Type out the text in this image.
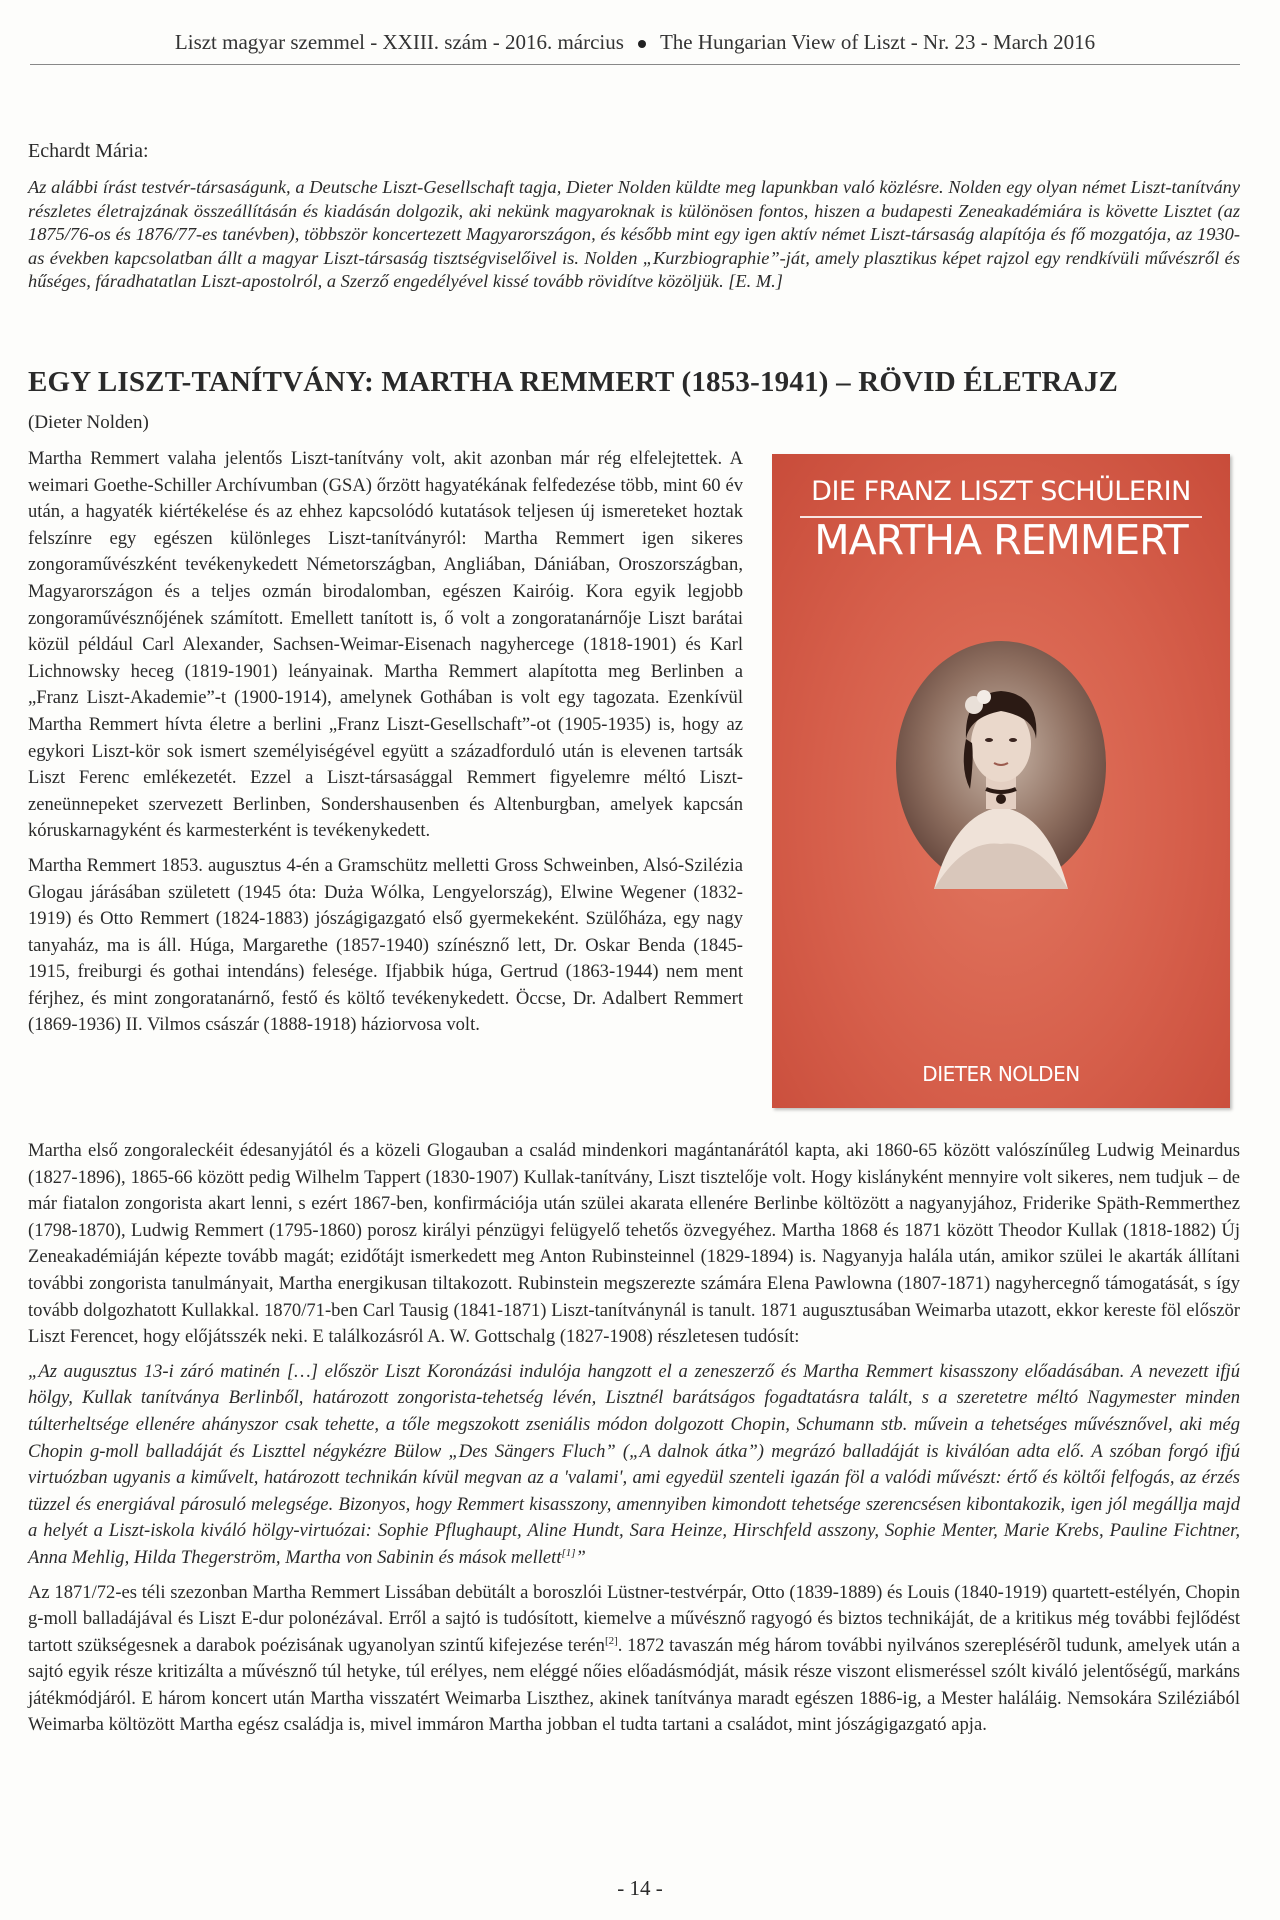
Liszt magyar szemmel - XXIII. szám - 2016. március The Hungarian View of Liszt - Nr. 23 - March 2016
Echardt Mária:
Az alábbi írást testvér-társaságunk, a Deutsche Liszt-Gesellschaft tagja, Dieter Nolden küldte meg lapunkban való közlésre. Nolden egy olyan német Liszt-tanítvány részletes életrajzának összeállításán és kiadásán dolgozik, aki nekünk magyaroknak is különösen fontos, hiszen a budapesti Zeneakadémiára is követte Lisztet (az 1875/76-os és 1876/77-es tanévben), többször koncertezett Magyarországon, és később mint egy igen aktív német Liszt-társaság alapítója és fő mozgatója, az 1930-as években kapcsolatban állt a magyar Liszt-társaság tisztségviselőivel is. Nolden „Kurzbiographie”-ját, amely plasztikus képet rajzol egy rendkívüli művészről és hűséges, fáradhatatlan Liszt-apostolról, a Szerző engedélyével kissé tovább rövidítve közöljük. [E. M.]
EGY LISZT-TANÍTVÁNY: MARTHA REMMERT (1853-1941) – RÖVID ÉLETRAJZ
(Dieter Nolden)

Martha Remmert valaha jelentős Liszt-tanítvány volt, akit azonban már rég elfelejtettek. A weimari Goethe-Schiller Archívumban (GSA) őrzött hagyatékának felfedezése több, mint 60 év után, a hagyaték kiértékelése és az ehhez kapcsolódó kutatások teljesen új ismereteket hoztak felszínre egy egészen különleges Liszt-tanítványról: Martha Remmert igen sikeres zongoraművészként tevékenykedett Németországban, Angliában, Dániában, Oroszországban, Magyarországon és a teljes ozmán birodalomban, egészen Kairóig. Kora egyik legjobb zongoraművésznőjének számított. Emellett tanított is, ő volt a zongoratanárnője Liszt barátai közül például Carl Alexander, Sachsen-Weimar-Eisenach nagyhercege (1818-1901) és Karl Lichnowsky heceg (1819-1901) leányainak. Martha Remmert alapította meg Berlinben a „Franz Liszt-Akademie”-t (1900-1914), amelynek Gothában is volt egy tagozata. Ezenkívül Martha Remmert hívta életre a berlini „Franz Liszt-Gesellschaft”-ot (1905-1935) is, hogy az egykori Liszt-kör sok ismert személyiségével együtt a századforduló után is elevenen tartsák Liszt Ferenc emlékezetét. Ezzel a Liszt-társasággal Remmert figyelemre méltó Liszt-zeneünnepeket szervezett Berlinben, Sondershausenben és Altenburgban, amelyek kapcsán kóruskarnagyként és karmesterként is tevékenykedett.

Martha Remmert 1853. augusztus 4-én a Gramschütz melletti Gross Schweinben, Alsó-Szilézia Glogau járásában született (1945 óta: Duża Wólka, Lengyelország), Elwine Wegener (1832-1919) és Otto Remmert (1824-1883) jószágigazgató első gyermekeként. Szülőháza, egy nagy tanyaház, ma is áll. Húga, Margarethe (1857-1940) színésznő lett, Dr. Oskar Benda (1845-1915, freiburgi és gothai intendáns) felesége. Ifjabbik húga, Gertrud (1863-1944) nem ment férjhez, és mint zongoratanárnő, festő és költő tevékenykedett. Öccse, Dr. Adalbert Remmert (1869-1936) II. Vilmos császár (1888-1918) háziorvosa volt.

DIE FRANZ LISZT SCHÜLERIN
MARTHA REMMERT
DIETER NOLDEN

Martha első zongoraleckéit édesanyjától és a közeli Glogauban a család mindenkori magántanárától kapta, aki 1860-65 között valószínűleg Ludwig Meinardus (1827-1896), 1865-66 között pedig Wilhelm Tappert (1830-1907) Kullak-tanítvány, Liszt tisztelője volt. Hogy kislányként mennyire volt sikeres, nem tudjuk – de már fiatalon zongorista akart lenni, s ezért 1867-ben, konfirmációja után szülei akarata ellenére Berlinbe költözött a nagyanyjához, Friderike Späth-Remmerthez (1798-1870), Ludwig Remmert (1795-1860) porosz királyi pénzügyi felügyelő tehetős özvegyéhez. Martha 1868 és 1871 között Theodor Kullak (1818-1882) Új Zeneakadémiáján képezte tovább magát; ezidőtájt ismerkedett meg Anton Rubinsteinnel (1829-1894) is. Nagyanyja halála után, amikor szülei le akarták állítani további zongorista tanulmányait, Martha energikusan tiltakozott. Rubinstein megszerezte számára Elena Pawlowna (1807-1871) nagyhercegnő támogatását, s így tovább dolgozhatott Kullakkal. 1870/71-ben Carl Tausig (1841-1871) Liszt-tanítványnál is tanult. 1871 augusztusában Weimarba utazott, ekkor kereste föl először Liszt Ferencet, hogy előjátsszék neki. E találkozásról A. W. Gottschalg (1827-1908) részletesen tudósít:

„Az augusztus 13-i záró matinén […] először Liszt Koronázási indulója hangzott el a zeneszerző és Martha Remmert kisasszony előadásában. A nevezett ifjú hölgy, Kullak tanítványa Berlinből, határozott zongorista-tehetség lévén, Lisztnél barátságos fogadtatásra talált, s a szeretetre méltó Nagymester minden túlterheltsége ellenére ahányszor csak tehette, a tőle megszokott zseniális módon dolgozott Chopin, Schumann stb. művein a tehetséges művésznővel, aki még Chopin g-moll balladáját és Liszttel négykézre Bülow „Des Sängers Fluch” („A dalnok átka”) megrázó balladáját is kiválóan adta elő. A szóban forgó ifjú virtuózban ugyanis a kiművelt, határozott technikán kívül megvan az a 'valami', ami egyedül szenteli igazán föl a valódi művészt: értő és költői felfogás, az érzés tüzzel és energiával párosuló melegsége. Bizonyos, hogy Remmert kisasszony, amennyiben kimondott tehetsége szerencsésen kibontakozik, igen jól megállja majd a helyét a Liszt-iskola kiváló hölgy-virtuózai: Sophie Pflughaupt, Aline Hundt, Sara Heinze, Hirschfeld asszony, Sophie Menter, Marie Krebs, Pauline Fichtner, Anna Mehlig, Hilda Thegerström, Martha von Sabinin és mások mellett[1]”

Az 1871/72-es téli szezonban Martha Remmert Lissában debütált a boroszlói Lüstner-testvérpár, Otto (1839-1889) és Louis (1840-1919) quartett-estélyén, Chopin g-moll balladájával és Liszt E-dur polonézával. Erről a sajtó is tudósított, kiemelve a művésznő ragyogó és biztos technikáját, de a kritikus még további fejlődést tartott szükségesnek a darabok poézisának ugyanolyan szintű kifejezése terén[2]. 1872 tavaszán még három további nyilvános szereplésérõl tudunk, amelyek után a sajtó egyik része kritizálta a művésznő túl hetyke, túl erélyes, nem eléggé nőies előadásmódját, másik része viszont elismeréssel szólt kiváló jelentőségű, markáns játékmódjáról. E három koncert után Martha visszatért Weimarba Liszthez, akinek tanítványa maradt egészen 1886-ig, a Mester haláláig. Nemsokára Sziléziából Weimarba költözött Martha egész családja is, mivel immáron Martha jobban el tudta tartani a családot, mint jószágigazgató apja.

- 14 -
